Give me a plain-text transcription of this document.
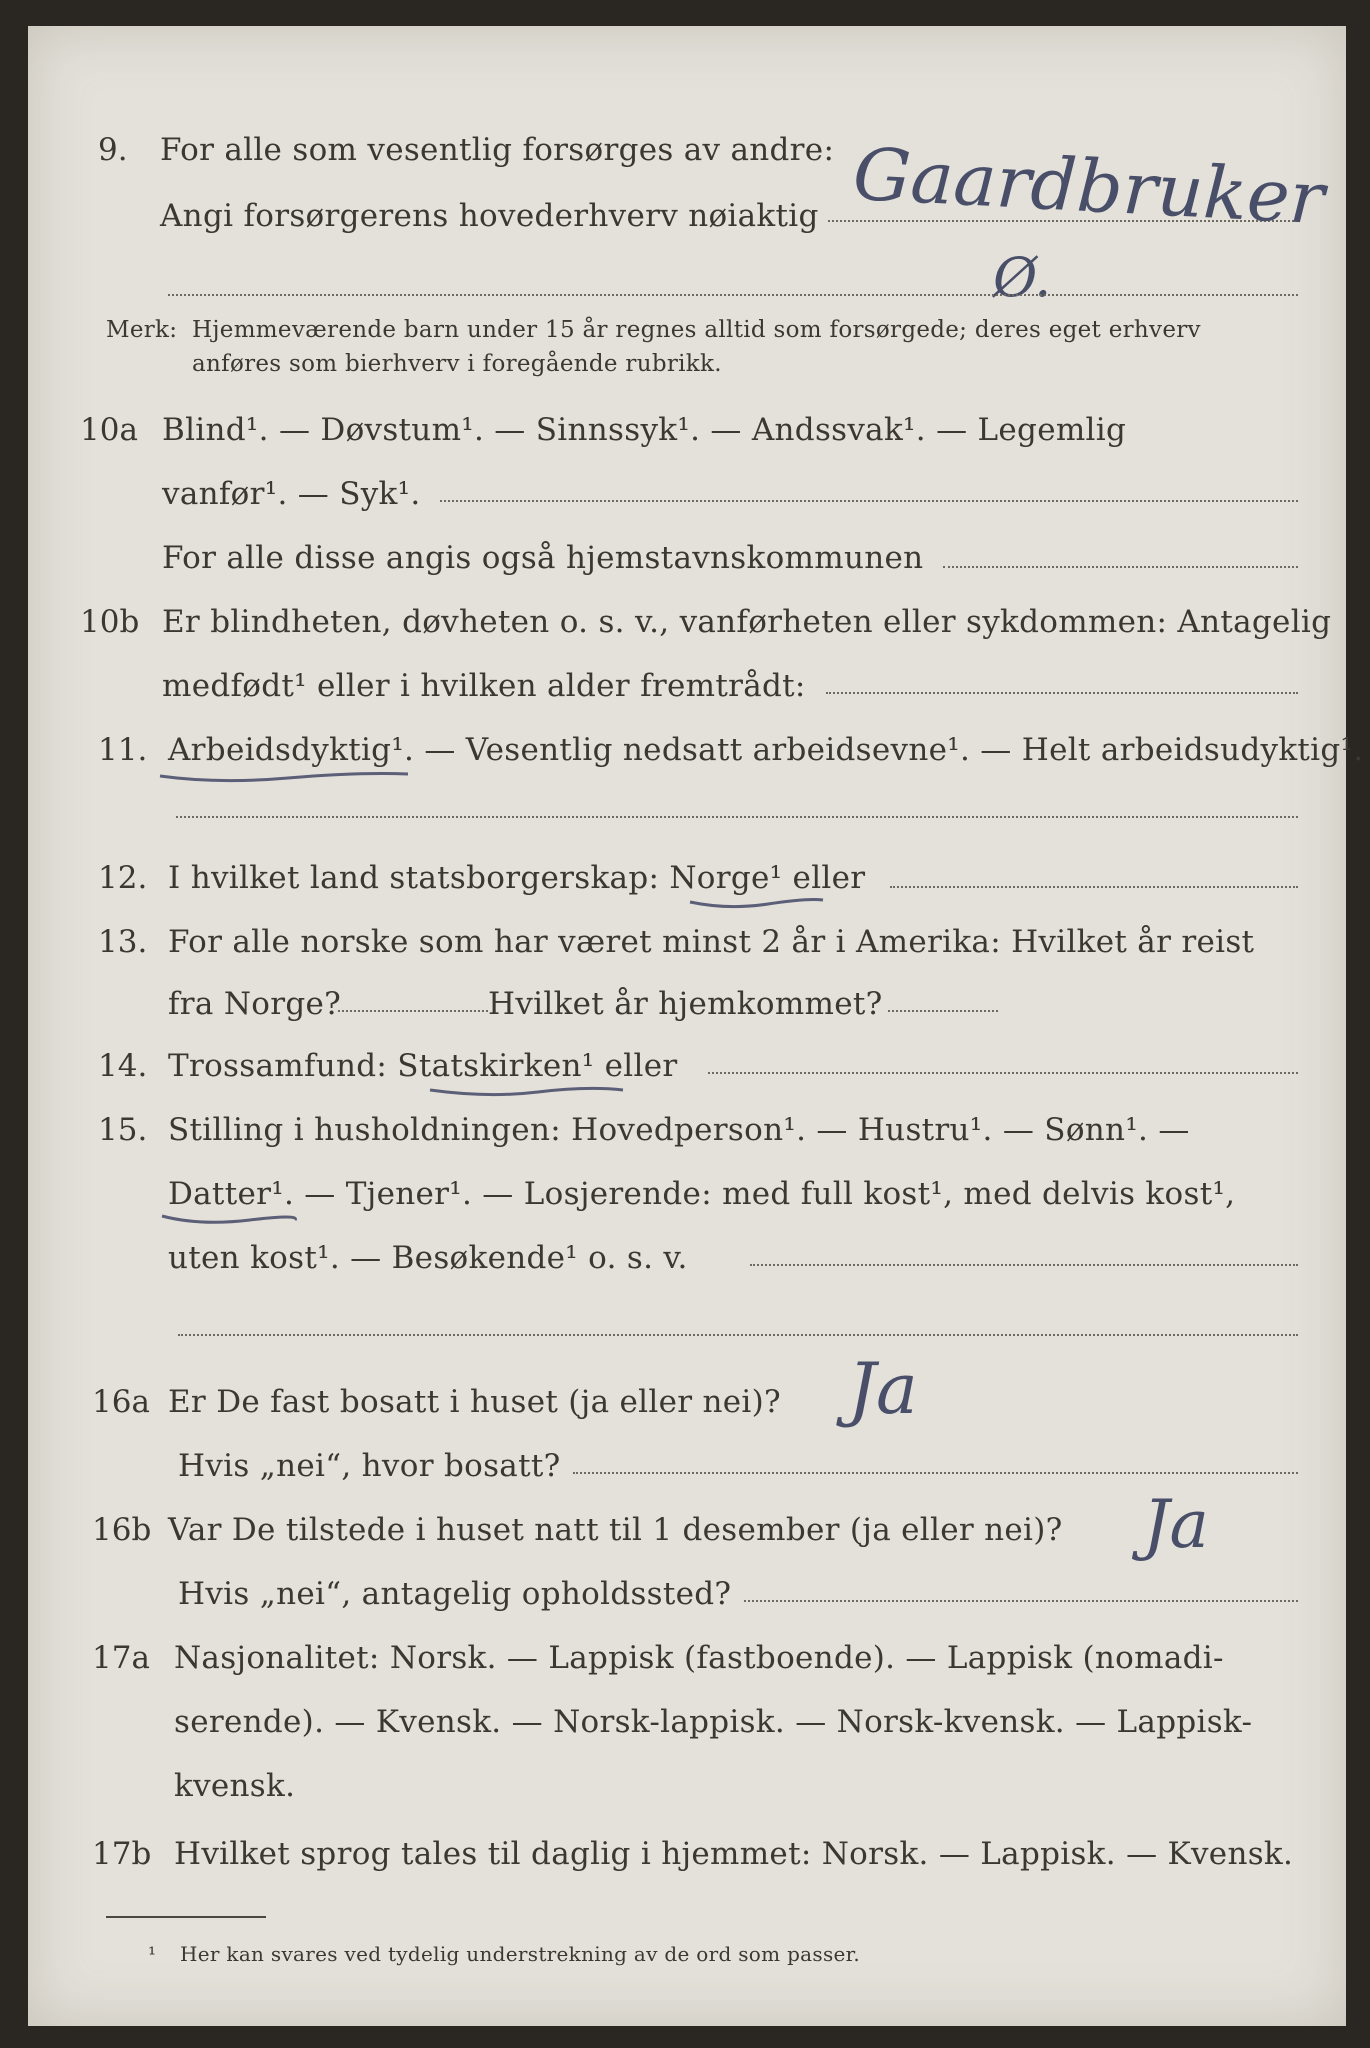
9. For alle som vesentlig forsørges av andre:
Angi forsørgerens hovederhverv nøiaktig Gaardbruker
Ø.
Merk: Hjemmeværende barn under 15 år regnes alltid som forsørgede; deres eget erhverv
anføres som bierhverv i foregående rubrikk.
10a Blind¹. — Døvstum¹. — Sinnssyk¹. — Andssvak¹. — Legemlig
vanfør¹. — Syk¹.
For alle disse angis også hjemstavnskommunen
10b Er blindheten, døvheten o. s. v., vanførheten eller sykdommen: Antagelig
medfødt¹ eller i hvilken alder fremtrådt:
11. Arbeidsdyktig¹. — Vesentlig nedsatt arbeidsevne¹. — Helt arbeidsudyktig¹.
12. I hvilket land statsborgerskap: Norge¹ eller
13. For alle norske som har været minst 2 år i Amerika: Hvilket år reist
fra Norge?	Hvilket år hjemkommet?
14. Trossamfund: Statskirken¹ eller
15. Stilling i husholdningen: Hovedperson¹. — Hustru¹. — Sønn¹. —
Datter¹. — Tjener¹. — Losjerende: med full kost¹, med delvis kost¹,
uten kost¹. — Besøkende¹ o. s. v.
16a Er De fast bosatt i huset (ja eller nei)? Ja
Hvis „nei“, hvor bosatt?
16b Var De tilstede i huset natt til 1 desember (ja eller nei)? Ja
Hvis „nei“, antagelig opholdssted?
17a Nasjonalitet: Norsk. — Lappisk (fastboende). — Lappisk (nomadi-
serende). — Kvensk. — Norsk-lappisk. — Norsk-kvensk. — Lappisk-
kvensk.
17b Hvilket sprog tales til daglig i hjemmet: Norsk. — Lappisk. — Kvensk.
¹ Her kan svares ved tydelig understrekning av de ord som passer.
